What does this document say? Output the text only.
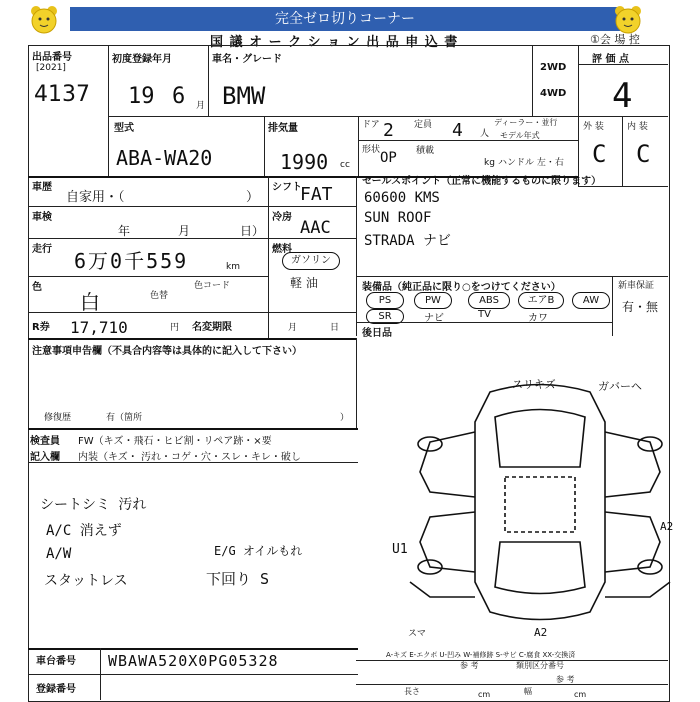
完全ゼロ切りコーナー
国 議 オ ー ク シ ョ ン 出 品 申 込 書	①会 場 控
出品番号
[2021]
4137
初度登録年月
19 6 月
車名・グレード
BMW
2WD
4WD
評 価 点
4
型式
ABA-WA20
排気量
1990 cc
ドア 2 定員 4 人
ディーラー・並行
モデル年式
形状 OP 積載
kg ハンドル 左・右
外 装	内 装
C C
車歴
自家用・（	）
シフト
FAT
車検
年	月	日）
冷房
AAC
走行 6万0千559	km
燃料
ガソリン
軽 油
色
白	色替
色コード
R券 17,710	円 名変期限	月	日
セールスポイント（正常に機能するものに限ります）
60600 KMS
SUN ROOF
STRADA ナビ
装備品（純正品に限り○をつけてください）	新車保証
有・無
PS	PW	ABS	エアB	AW
SR	ナビ	TV	カワ
後日品
注意事項申告欄（不具合内容等は具体的に記入して下さい）
修復歴	有（箇所	）
検査員
記入欄
FW（キズ・飛石・ヒビ割・リペア跡・×要
内装（キズ・ 汚れ・コゲ・穴・スレ・キレ・破し
シートシミ 汚れ
A/C 消えず
A/W
スタットレス
E/G オイルもれ
下回り S
スリキズ	ガバーヘ
A2
U1
A2
スマ
A-キズ E-エクボ U-凹み W-補修跡 S-サビ C-腐食 XX-交換済
車台番号 WBAWA520X0PG05328
登録番号
参 考	類別区分番号
参 考
長さ	cm	幅	cm
